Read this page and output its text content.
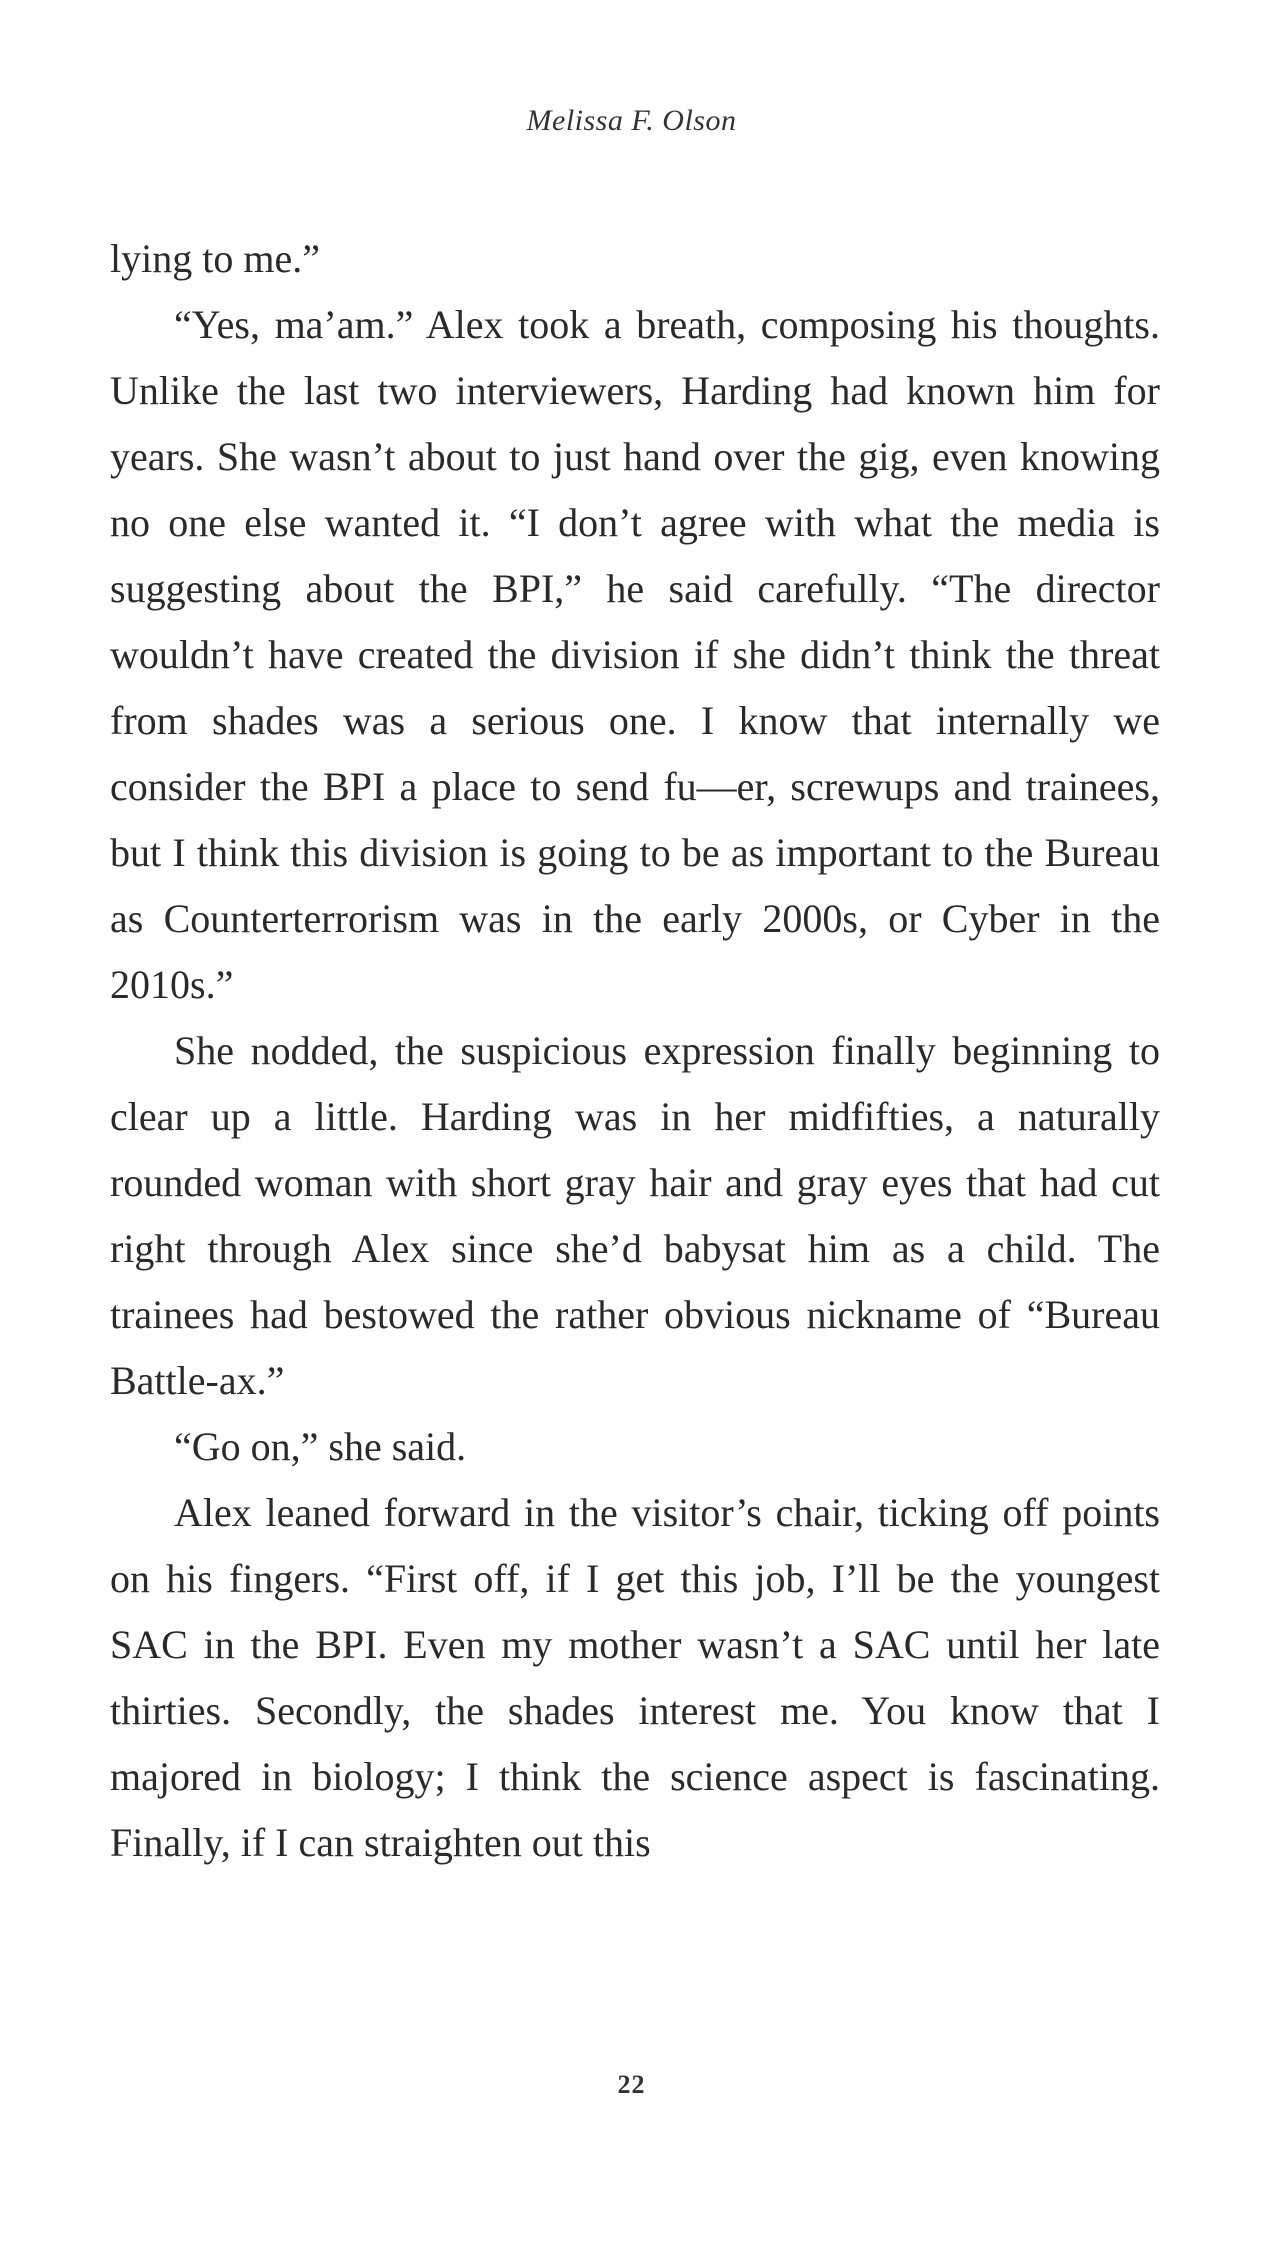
Melissa F. Olson

lying to me.”

“Yes, ma’am.” Alex took a breath, composing his thoughts. Unlike the last two interviewers, Harding had known him for years. She wasn’t about to just hand over the gig, even knowing no one else wanted it. “I don’t agree with what the media is suggesting about the BPI,” he said carefully. “The director wouldn’t have created the division if she didn’t think the threat from shades was a serious one. I know that internally we consider the BPI a place to send fu—er, screwups and trainees, but I think this division is going to be as important to the Bureau as Counterterrorism was in the early 2000s, or Cyber in the 2010s.”

She nodded, the suspicious expression finally beginning to clear up a little. Harding was in her midfifties, a naturally rounded woman with short gray hair and gray eyes that had cut right through Alex since she’d babysat him as a child. The trainees had bestowed the rather obvious nickname of “Bureau Battle-ax.”

“Go on,” she said.

Alex leaned forward in the visitor’s chair, ticking off points on his fingers. “First off, if I get this job, I’ll be the youngest SAC in the BPI. Even my mother wasn’t a SAC until her late thirties. Secondly, the shades interest me. You know that I majored in biology; I think the science aspect is fascinating. Finally, if I can straighten out this

22
